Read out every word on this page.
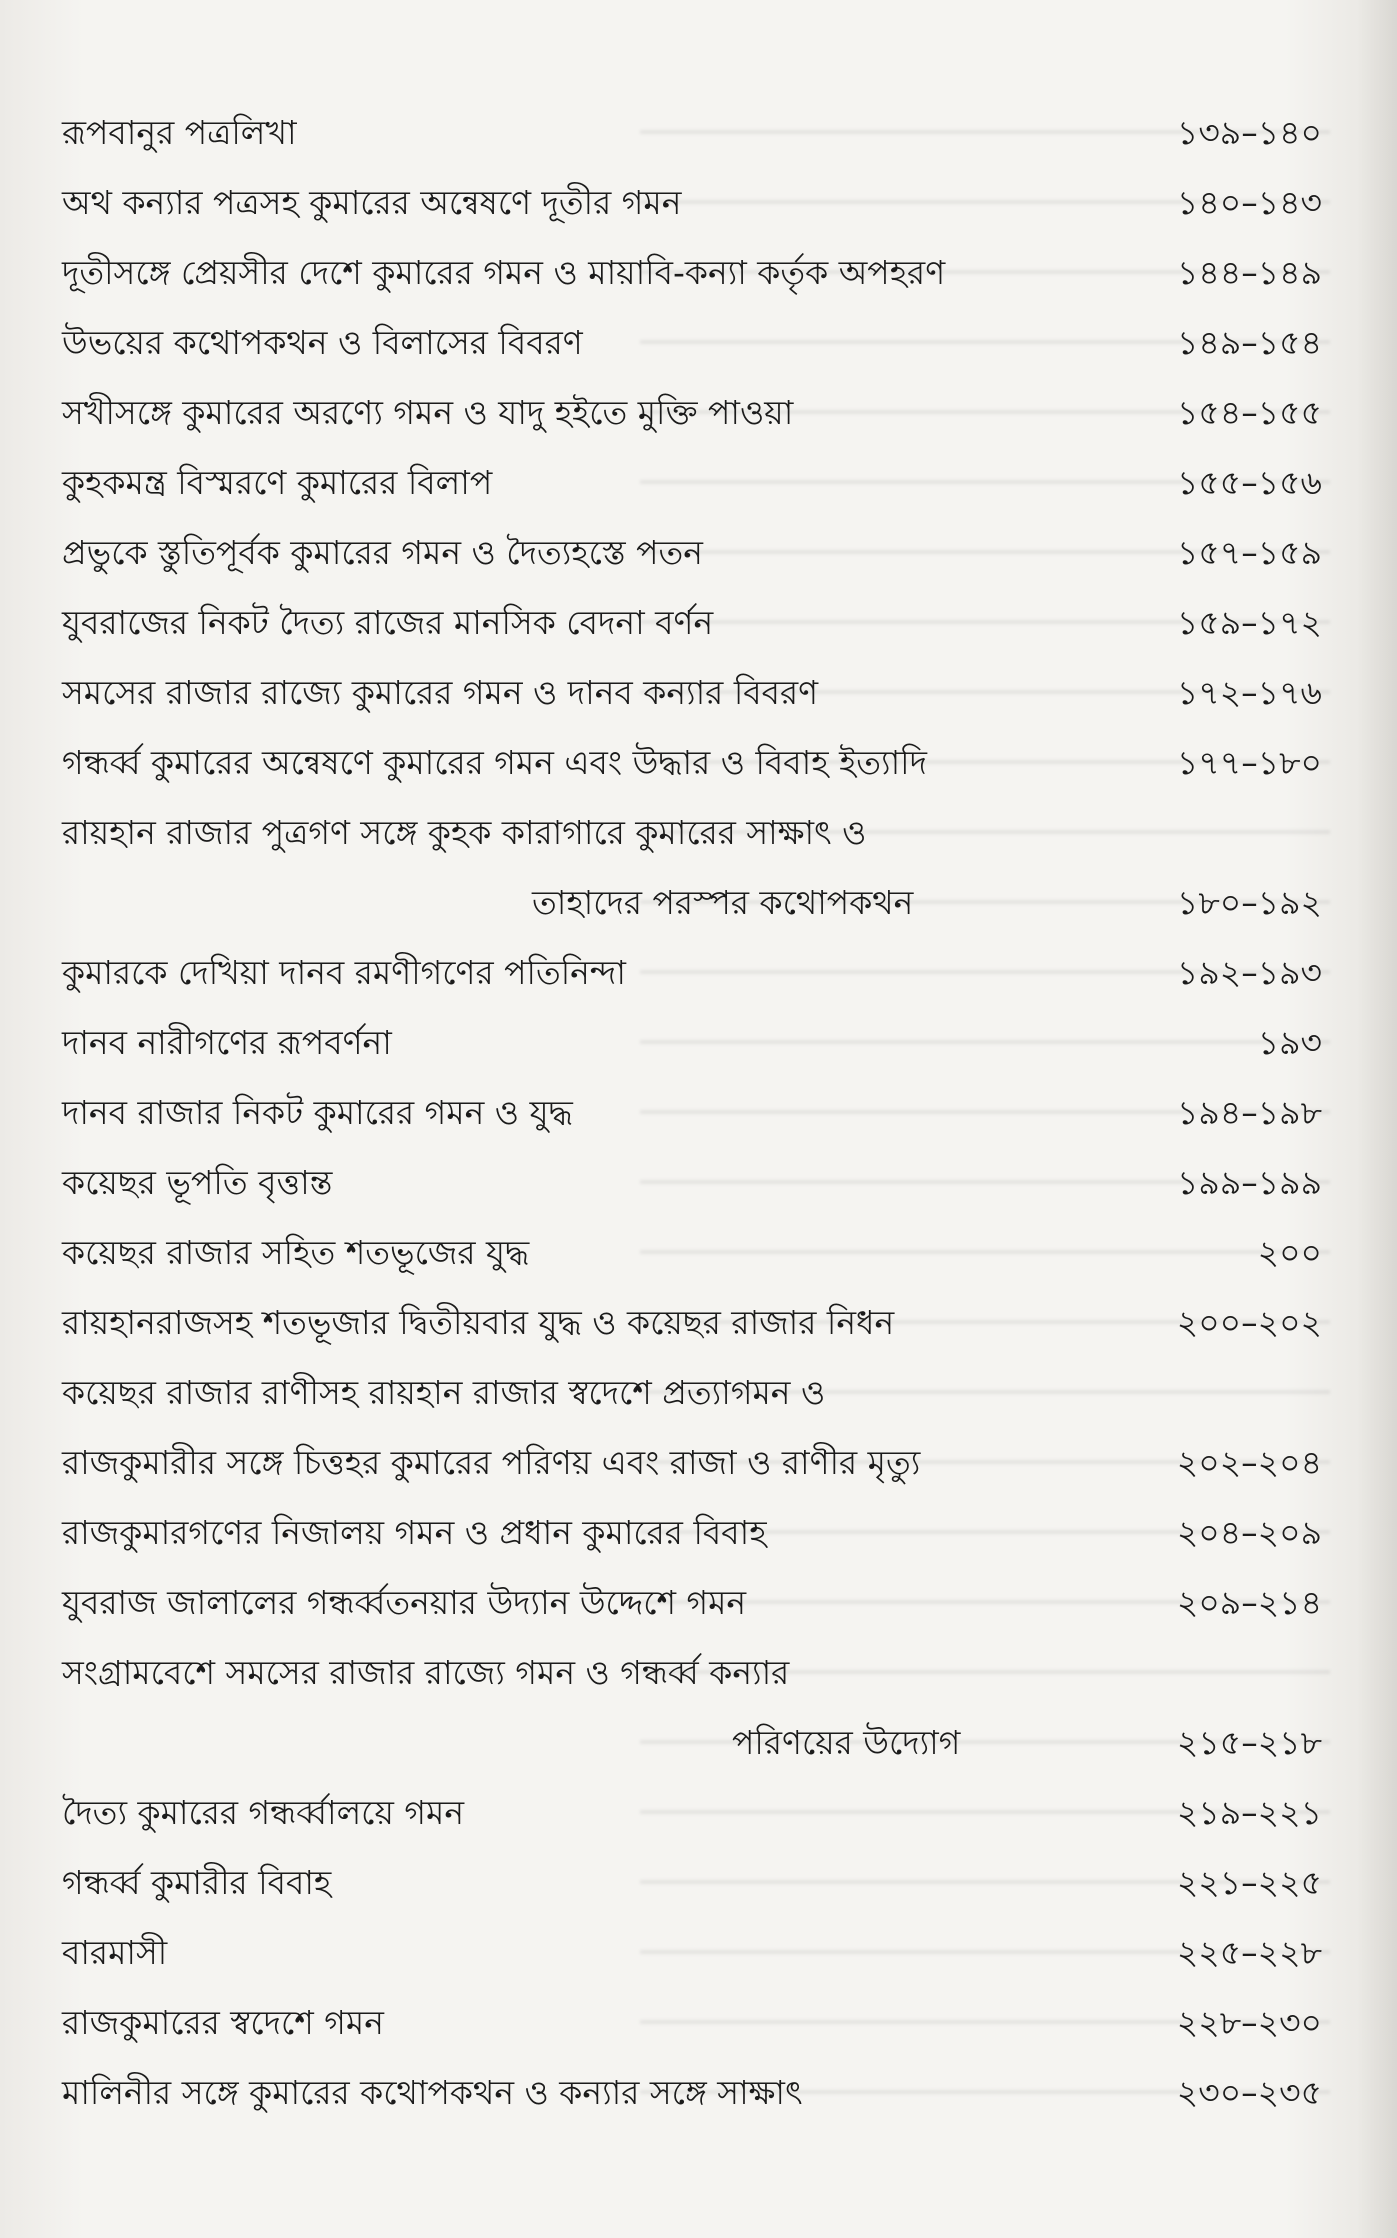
রূপবানুর পত্রলিখা	১৩৯–১৪০
অথ কন্যার পত্রসহ কুমারের অন্বেষণে দূতীর গমন	১৪০–১৪৩
দূতীসঙ্গে প্রেয়সীর দেশে কুমারের গমন ও মায়াবি-কন্যা কর্তৃক অপহরণ	১৪৪–১৪৯
উভয়ের কথোপকথন ও বিলাসের বিবরণ	১৪৯–১৫৪
সখীসঙ্গে কুমারের অরণ্যে গমন ও যাদু হইতে মুক্তি পাওয়া	১৫৪–১৫৫
কুহকমন্ত্র বিস্মরণে কুমারের বিলাপ	১৫৫–১৫৬
প্রভুকে স্তুতিপূর্বক কুমারের গমন ও দৈত্যহস্তে পতন	১৫৭–১৫৯
যুবরাজের নিকট দৈত্য রাজের মানসিক বেদনা বর্ণন	১৫৯–১৭২
সমসের রাজার রাজ্যে কুমারের গমন ও দানব কন্যার বিবরণ	১৭২–১৭৬
গন্ধর্ব্ব কুমারের অন্বেষণে কুমারের গমন এবং উদ্ধার ও বিবাহ ইত্যাদি	১৭৭–১৮০
রায়হান রাজার পুত্রগণ সঙ্গে কুহক কারাগারে কুমারের সাক্ষাৎ ও
তাহাদের পরস্পর কথোপকথন	১৮০–১৯২
কুমারকে দেখিয়া দানব রমণীগণের পতিনিন্দা	১৯২–১৯৩
দানব নারীগণের রূপবর্ণনা	১৯৩
দানব রাজার নিকট কুমারের গমন ও যুদ্ধ	১৯৪–১৯৮
কয়েছর ভূপতি বৃত্তান্ত	১৯৯–১৯৯
কয়েছর রাজার সহিত শতভূজের যুদ্ধ	২০০
রায়হানরাজসহ শতভূজার দ্বিতীয়বার যুদ্ধ ও কয়েছর রাজার নিধন	২০০–২০২
কয়েছর রাজার রাণীসহ রায়হান রাজার স্বদেশে প্রত্যাগমন ও
রাজকুমারীর সঙ্গে চিত্তহর কুমারের পরিণয় এবং রাজা ও রাণীর মৃত্যু	২০২–২০৪
রাজকুমারগণের নিজালয় গমন ও প্রধান কুমারের বিবাহ	২০৪–২০৯
যুবরাজ জালালের গন্ধর্ব্বতনয়ার উদ্যান উদ্দেশে গমন	২০৯–২১৪
সংগ্রামবেশে সমসের রাজার রাজ্যে গমন ও গন্ধর্ব্ব কন্যার
পরিণয়ের উদ্যোগ	২১৫–২১৮
দৈত্য কুমারের গন্ধর্ব্বালয়ে গমন	২১৯–২২১
গন্ধর্ব্ব কুমারীর বিবাহ	২২১–২২৫
বারমাসী	২২৫–২২৮
রাজকুমারের স্বদেশে গমন	২২৮–২৩০
মালিনীর সঙ্গে কুমারের কথোপকথন ও কন্যার সঙ্গে সাক্ষাৎ	২৩০–২৩৫
